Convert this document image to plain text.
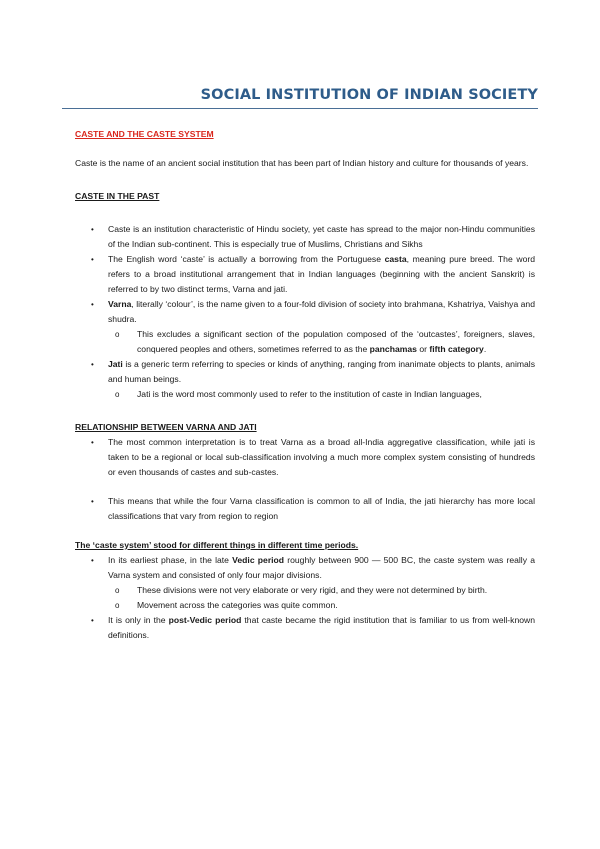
SOCIAL INSTITUTION OF INDIAN SOCIETY
CASTE AND THE CASTE SYSTEM

Caste is the name of an ancient social institution that has been part of Indian history and culture for thousands of years.

CASTE IN THE PAST
• Caste is an institution characteristic of Hindu society, yet caste has spread to the major non-Hindu communities of the Indian sub-continent. This is especially true of Muslims, Christians and Sikhs
• The English word ‘caste’ is actually a borrowing from the Portuguese casta, meaning pure breed. The word refers to a broad institutional arrangement that in Indian languages (beginning with the ancient Sanskrit) is referred to by two distinct terms, Varna and jati.
• Varna, literally ‘colour’, is the name given to a four-fold division of society into brahmana, Kshatriya, Vaishya and shudra.
o This excludes a significant section of the population composed of the ‘outcastes’, foreigners, slaves, conquered peoples and others, sometimes referred to as the panchamas or fifth category.
• Jati is a generic term referring to species or kinds of anything, ranging from inanimate objects to plants, animals and human beings.
o Jati is the word most commonly used to refer to the institution of caste in Indian languages,
RELATIONSHIP BETWEEN VARNA AND JATI
• The most common interpretation is to treat Varna as a broad all-India aggregative classification, while jati is taken to be a regional or local sub-classification involving a much more complex system consisting of hundreds or even thousands of castes and sub-castes.
• This means that while the four Varna classification is common to all of India, the jati hierarchy has more local classifications that vary from region to region
The ‘caste system’ stood for different things in different time periods.
• In its earliest phase, in the late Vedic period roughly between 900 — 500 BC, the caste system was really a Varna system and consisted of only four major divisions.
o These divisions were not very elaborate or very rigid, and they were not determined by birth.
o Movement across the categories was quite common.
• It is only in the post-Vedic period that caste became the rigid institution that is familiar to us from well-known definitions.
